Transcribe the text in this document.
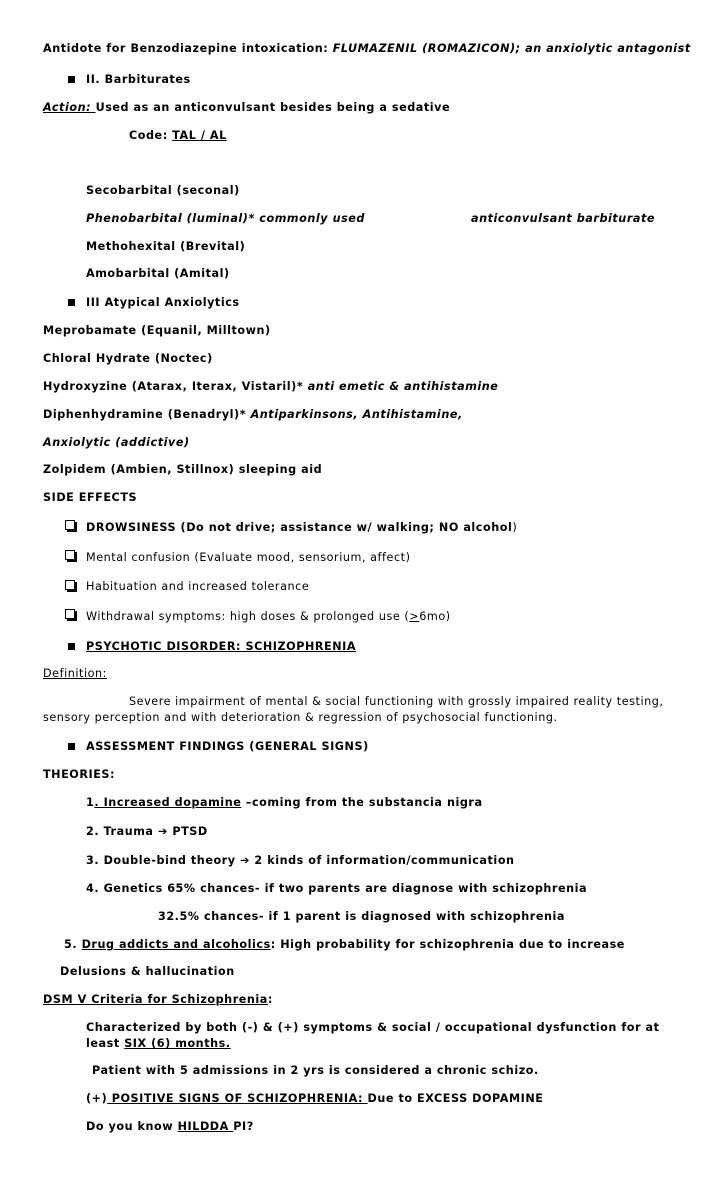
Antidote for Benzodiazepine intoxication: FLUMAZENIL (ROMAZICON); an anxiolytic antagonist
II. Barbiturates
Action: Used as an anticonvulsant besides being a sedative
Code: TAL / AL
Secobarbital (seconal)
Phenobarbital (luminal)* commonly used	anticonvulsant barbiturate
Methohexital (Brevital)
Amobarbital (Amital)
III Atypical Anxiolytics
Meprobamate (Equanil, Milltown)
Chloral Hydrate (Noctec)
Hydroxyzine (Atarax, Iterax, Vistaril)* anti emetic & antihistamine
Diphenhydramine (Benadryl)* Antiparkinsons, Antihistamine,
Anxiolytic (addictive)
Zolpidem (Ambien, Stillnox) sleeping aid
SIDE EFFECTS
DROWSINESS (Do not drive; assistance w/ walking; NO alcohol)
Mental confusion (Evaluate mood, sensorium, affect)
Habituation and increased tolerance
Withdrawal symptoms: high doses & prolonged use (>6mo)
PSYCHOTIC DISORDER: SCHIZOPHRENIA
Definition:
Severe impairment of mental & social functioning with grossly impaired reality testing,
sensory perception and with deterioration & regression of psychosocial functioning.
ASSESSMENT FINDINGS (GENERAL SIGNS)
THEORIES:
1. Increased dopamine –coming from the substancia nigra
2. Trauma ➔ PTSD
3. Double-bind theory ➔ 2 kinds of information/communication
4. Genetics 65% chances- if two parents are diagnose with schizophrenia
32.5% chances- if 1 parent is diagnosed with schizophrenia
5. Drug addicts and alcoholics: High probability for schizophrenia due to increase
Delusions & hallucination
DSM V Criteria for Schizophrenia:
Characterized by both (-) & (+) symptoms & social / occupational dysfunction for at
least SIX (6) months.
Patient with 5 admissions in 2 yrs is considered a chronic schizo.
(+) POSITIVE SIGNS OF SCHIZOPHRENIA: Due to EXCESS DOPAMINE
Do you know HILDDA PI?
